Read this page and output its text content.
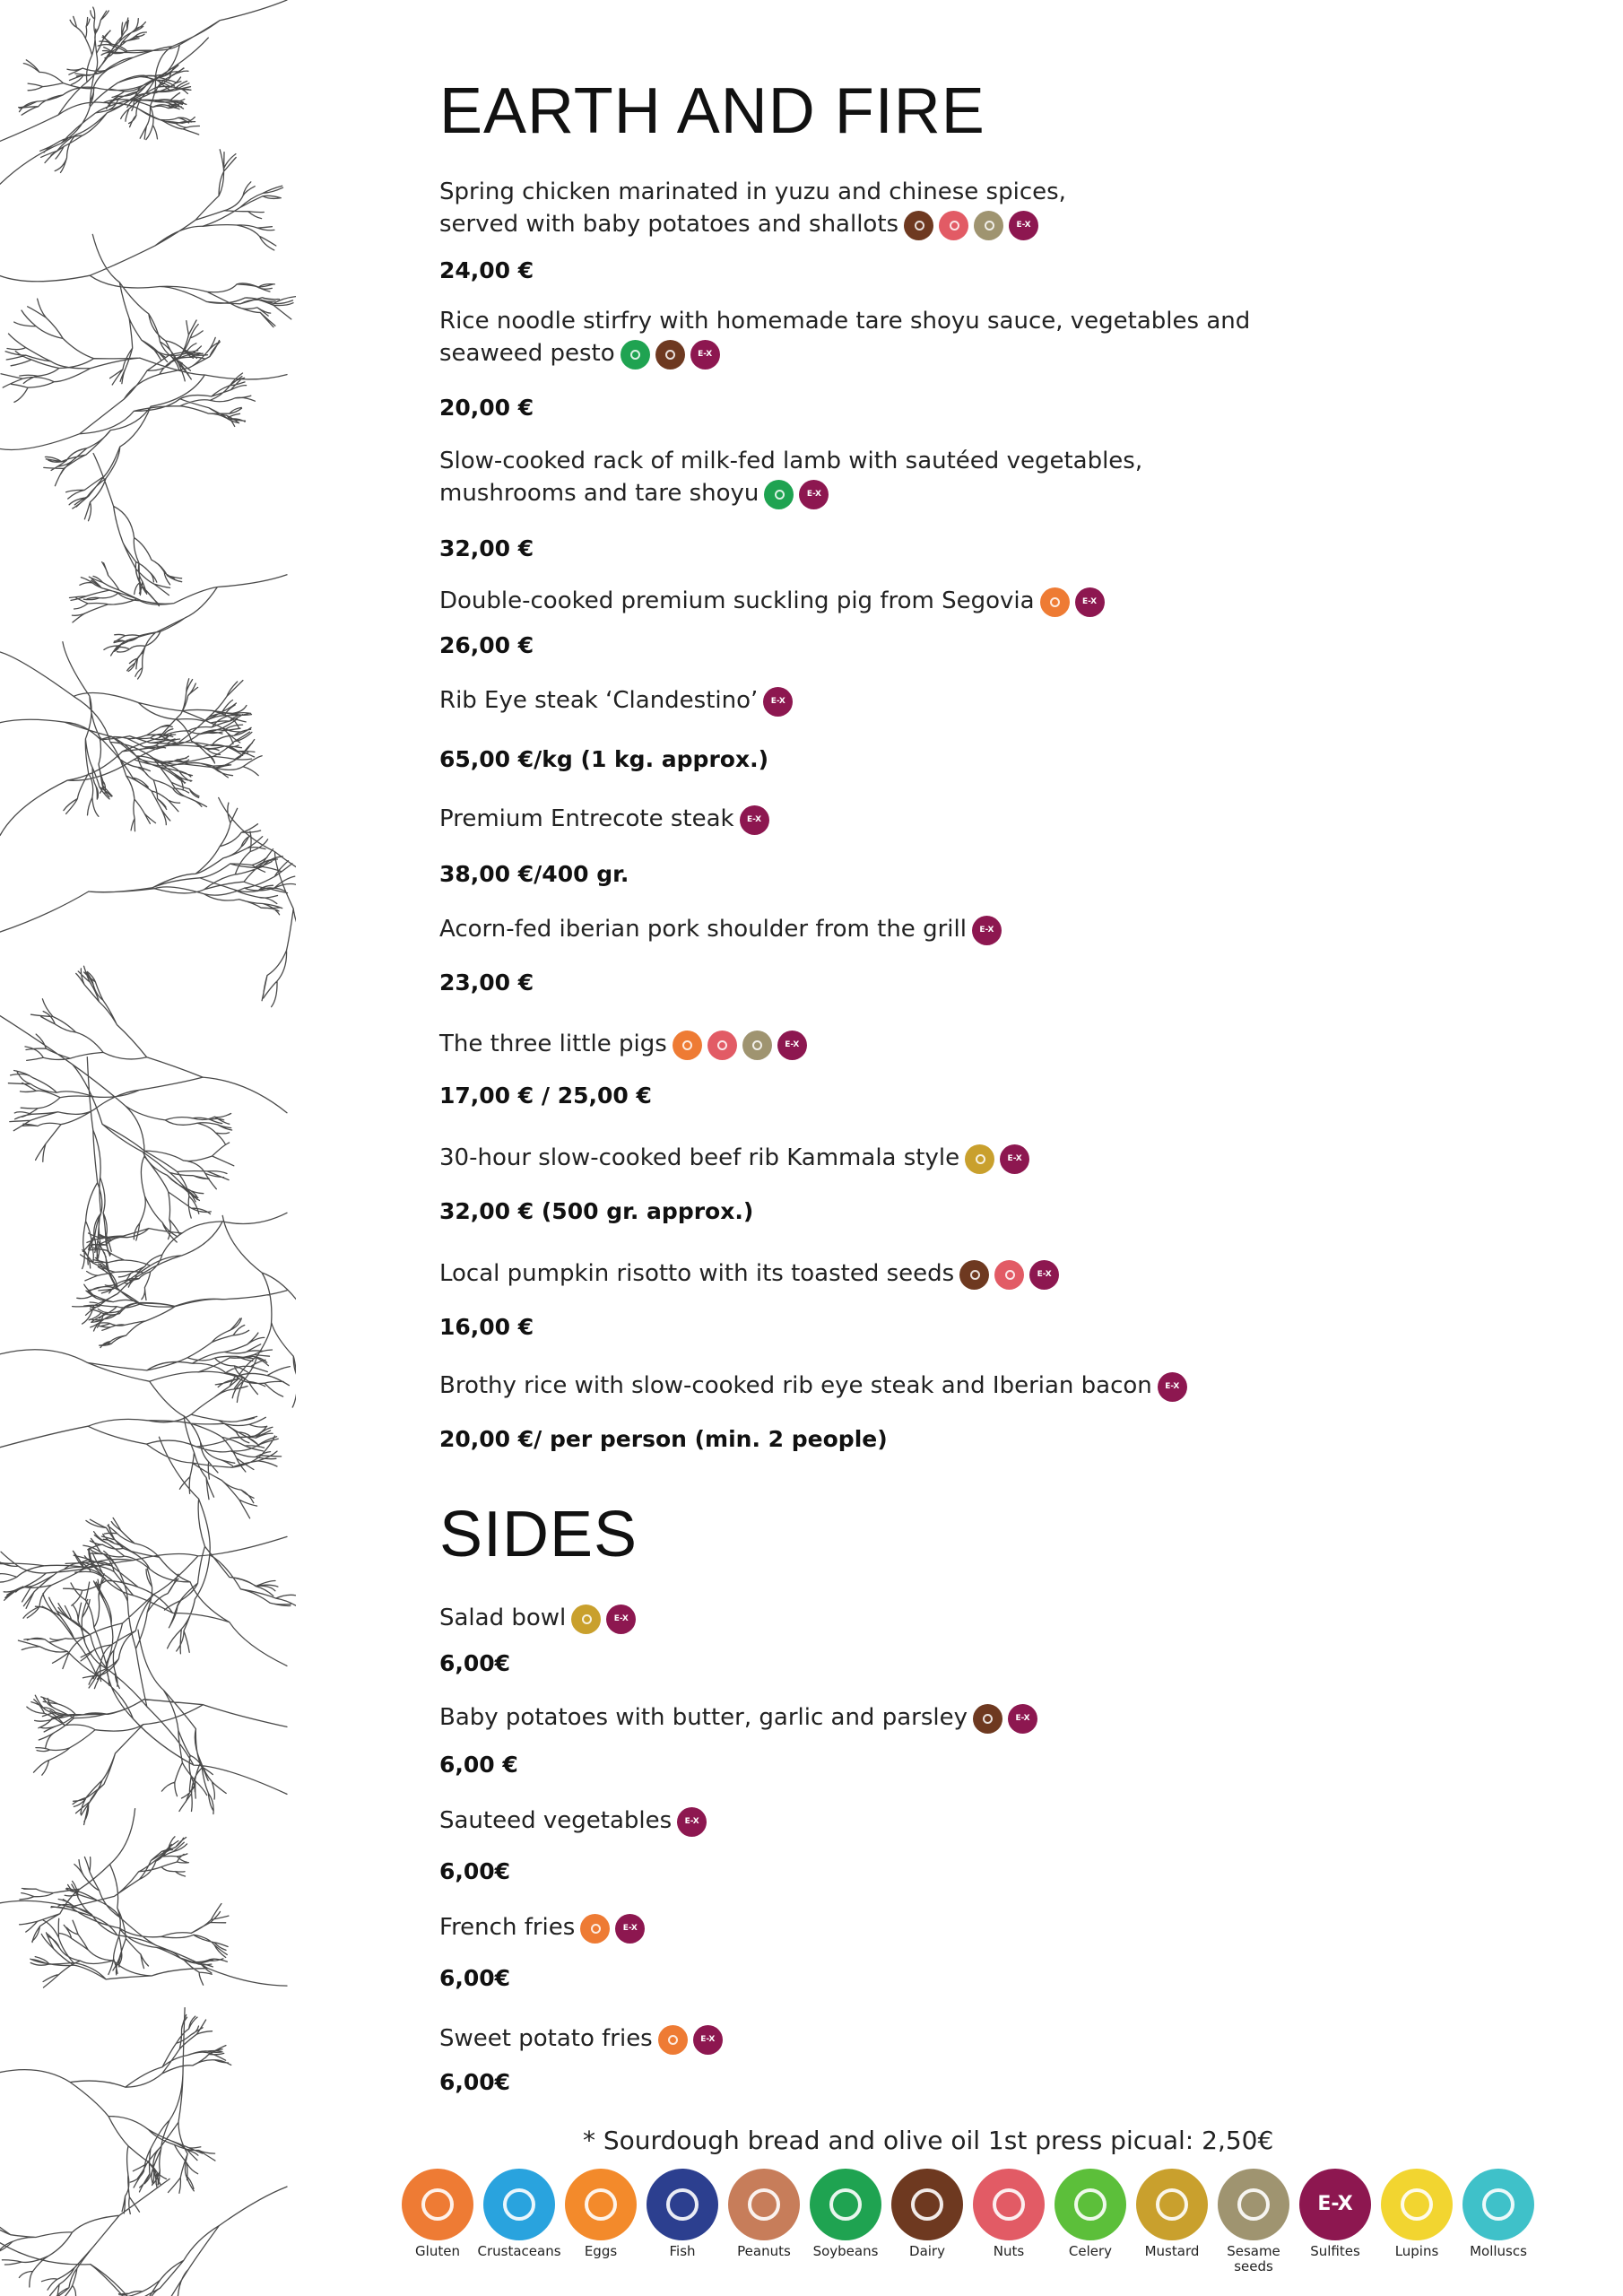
EARTH AND FIRE
Spring chicken marinated in yuzu and chinese spices,
served with baby potatoes and shallots	E-X
24,00 €
Rice noodle stirfry with homemade tare shoyu sauce, vegetables and
seaweed pesto	E-X
20,00 €
Slow-cooked rack of milk-fed lamb with sautéed vegetables,
mushrooms and tare shoyu	E-X
32,00 €
Double-cooked premium suckling pig from Segovia	E-X
26,00 €
Rib Eye steak ‘Clandestino’ E-X
65,00 €/kg (1 kg. approx.)
Premium Entrecote steak E-X
38,00 €/400 gr.
Acorn-fed iberian pork shoulder from the grill E-X
23,00 €
The three little pigs	E-X
17,00 € / 25,00 €
30-hour slow-cooked beef rib Kammala style	E-X
32,00 € (500 gr. approx.)
Local pumpkin risotto with its toasted seeds	E-X
16,00 €
Brothy rice with slow-cooked rib eye steak and Iberian bacon E-X
20,00 €/ per person (min. 2 people)
SIDES
Salad bowl	E-X
6,00€
Baby potatoes with butter, garlic and parsley	E-X
6,00 €
Sauteed vegetables E-X
6,00€
French fries	E-X
6,00€
Sweet potato fries	E-X
6,00€

* Sourdough bread and olive oil 1st press picual: 2,50€

Gluten	Crustaceans	Eggs	Fish	Peanuts	Soybeans	Dairy	Nuts	Celery	Mustard	Sesame
seeds
E-X
Sulfites	Lupins	Molluscs
